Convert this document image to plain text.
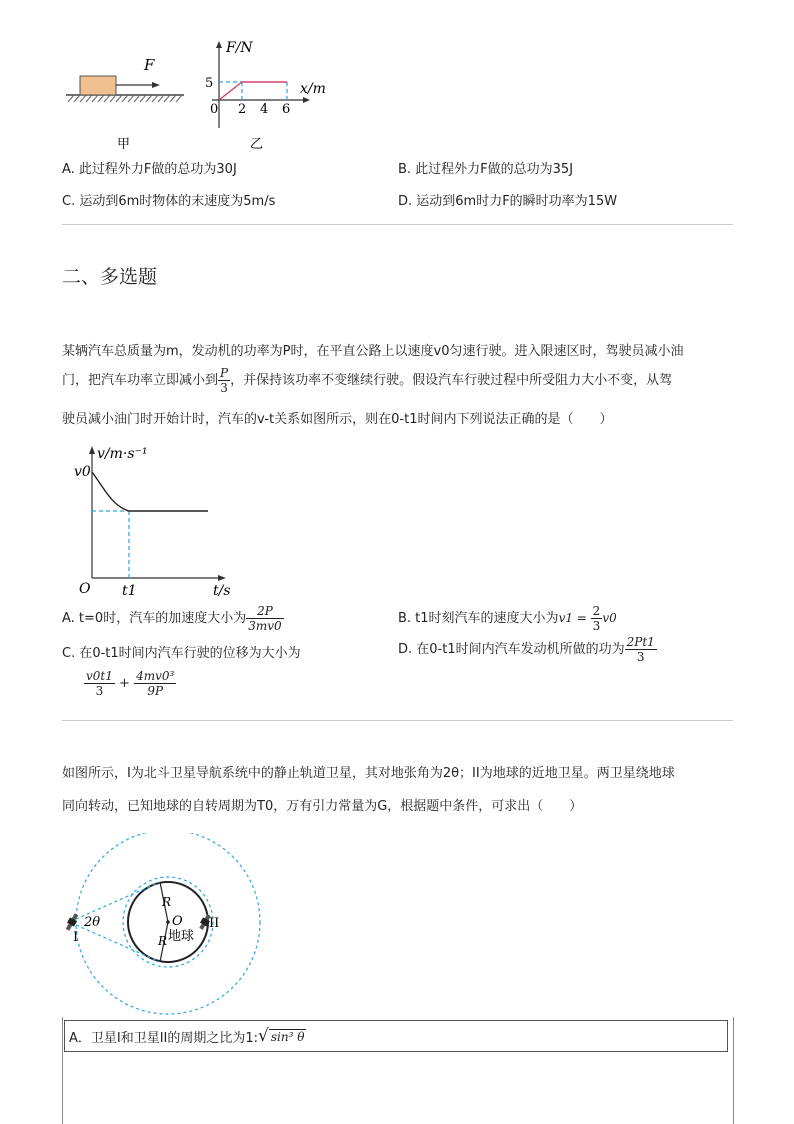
F
F/N
x/m
5
0 2 4 6
甲	乙
A. 此过程外力F做的总功为30J	B. 此过程外力F做的总功为35J
C. 运动到6m时物体的末速度为5m/s	D. 运动到6m时力F的瞬时功率为15W
二、多选题
某辆汽车总质量为m，发动机的功率为P时，在平直公路上以速度v0匀速行驶。进入限速区时，驾驶员减小油
门，把汽车功率立即减小到 $\frac{P}{3}$ ，并保持该功率不变继续行驶。假设汽车行驶过程中所受阻力大小不变，从驾
驶员减小油门时开始计时，汽车的v-t关系如图所示，则在0-t1时间内下列说法正确的是（　　）
v/m·s⁻¹
t/s
v0
O t1
A. t=0时，汽车的加速度大小为 $\frac{2P}{3mv0}$	B. t1时刻汽车的速度大小为$v1 = \frac{2}{3} v0$
C. 在0-t1时间内汽车行驶的位移为大小为
$\frac{v0t1}{3} + \frac{\text{4mv0³}}{9P}$
D. 在0-t1时间内汽车发动机所做的功为 $\frac{2Pt1}{3}$
如图所示，I为北斗卫星导航系统中的静止轨道卫星，其对地张角为2θ；II为地球的近地卫星。两卫星绕地球
同向转动，已知地球的自转周期为T0，万有引力常量为G，根据题中条件，可求出（　　）
O
R
R 地球
2θ
I
II
A．卫星I和卫星II的周期之比为1: √ sin³ θ
